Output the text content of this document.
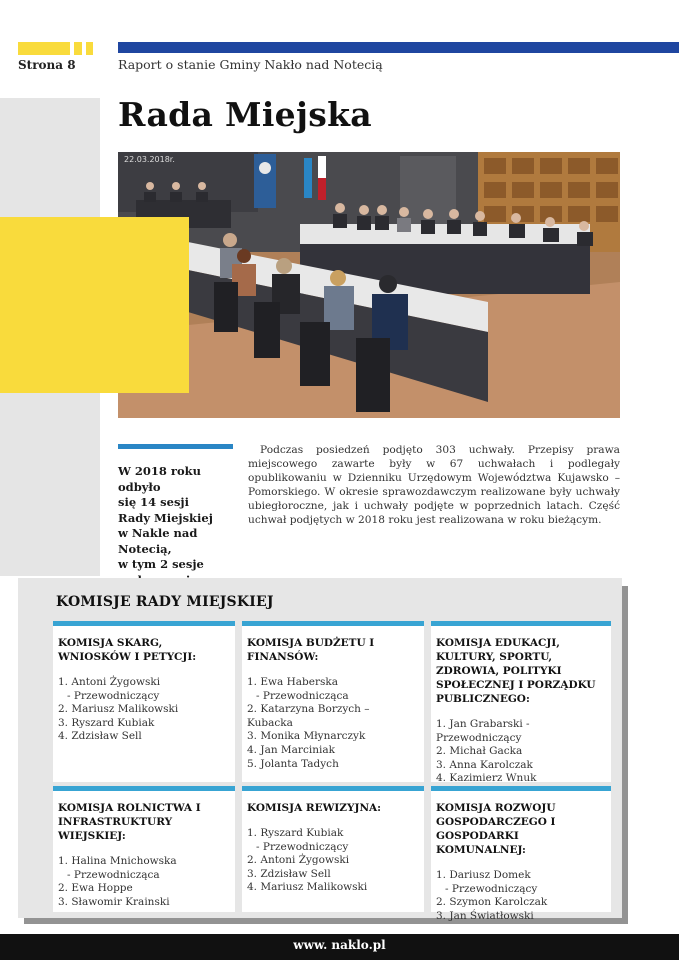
Strona 8	Raport o stanie Gminy Nakło nad Notecią
Rada Miejska
22.03.2018r.
W 2018 roku odbyło
się 14 sesji
Rady Miejskiej
w Nakle nad Notecią,
w tym 2 sesje

Podczas posiedzeń podjęto 303 uchwały. Przepisy prawa miejscowego zawarte były w 67 uchwałach i podlegały opublikowaniu w Dzienniku Urzędowym Województwa Kujawsko – Pomorskiego. W okresie sprawozdawczym realizowane były uchwały ubiegłoroczne, jak i uchwały podjęte w poprzednich latach. Część uchwał podjętych w 2018 roku jest realizowana w roku bieżącym.

KOMISJE RADY MIEJSKIEJ
KOMISJA SKARG, WNIOSKÓW I PETYCJI:
1. Antoni Żygowski
- Przewodniczący
2. Mariusz Malikowski
3. Ryszard Kubiak
4. Zdzisław Sell
KOMISJA BUDŻETU I FINANSÓW:
1. Ewa Haberska
- Przewodnicząca
2. Katarzyna Borzych – Kubacka
3. Monika Młynarczyk
4. Jan Marciniak
5. Jolanta Tadych
KOMISJA EDUKACJI, KULTURY, SPORTU, ZDROWIA, POLITYKI SPOŁECZNEJ I PORZĄDKU PUBLICZNEGO:
1. Jan Grabarski - Przewodniczący
2. Michał Gacka
3. Anna Karolczak
4. Kazimierz Wnuk
KOMISJA ROLNICTWA I INFRASTRUKTURY WIEJSKIEJ:
1. Halina Mnichowska
- Przewodnicząca
2. Ewa Hoppe
3. Sławomir Krainski
KOMISJA REWIZYJNA:
1. Ryszard Kubiak
- Przewodniczący
2. Antoni Żygowski
3. Zdzisław Sell
4. Mariusz Malikowski
KOMISJA ROZWOJU GOSPODARCZEGO I GOSPODARKI KOMUNALNEJ:
1. Dariusz Domek
- Przewodniczący
2. Szymon Karolczak
3. Jan Światłowski
www. naklo.pl
